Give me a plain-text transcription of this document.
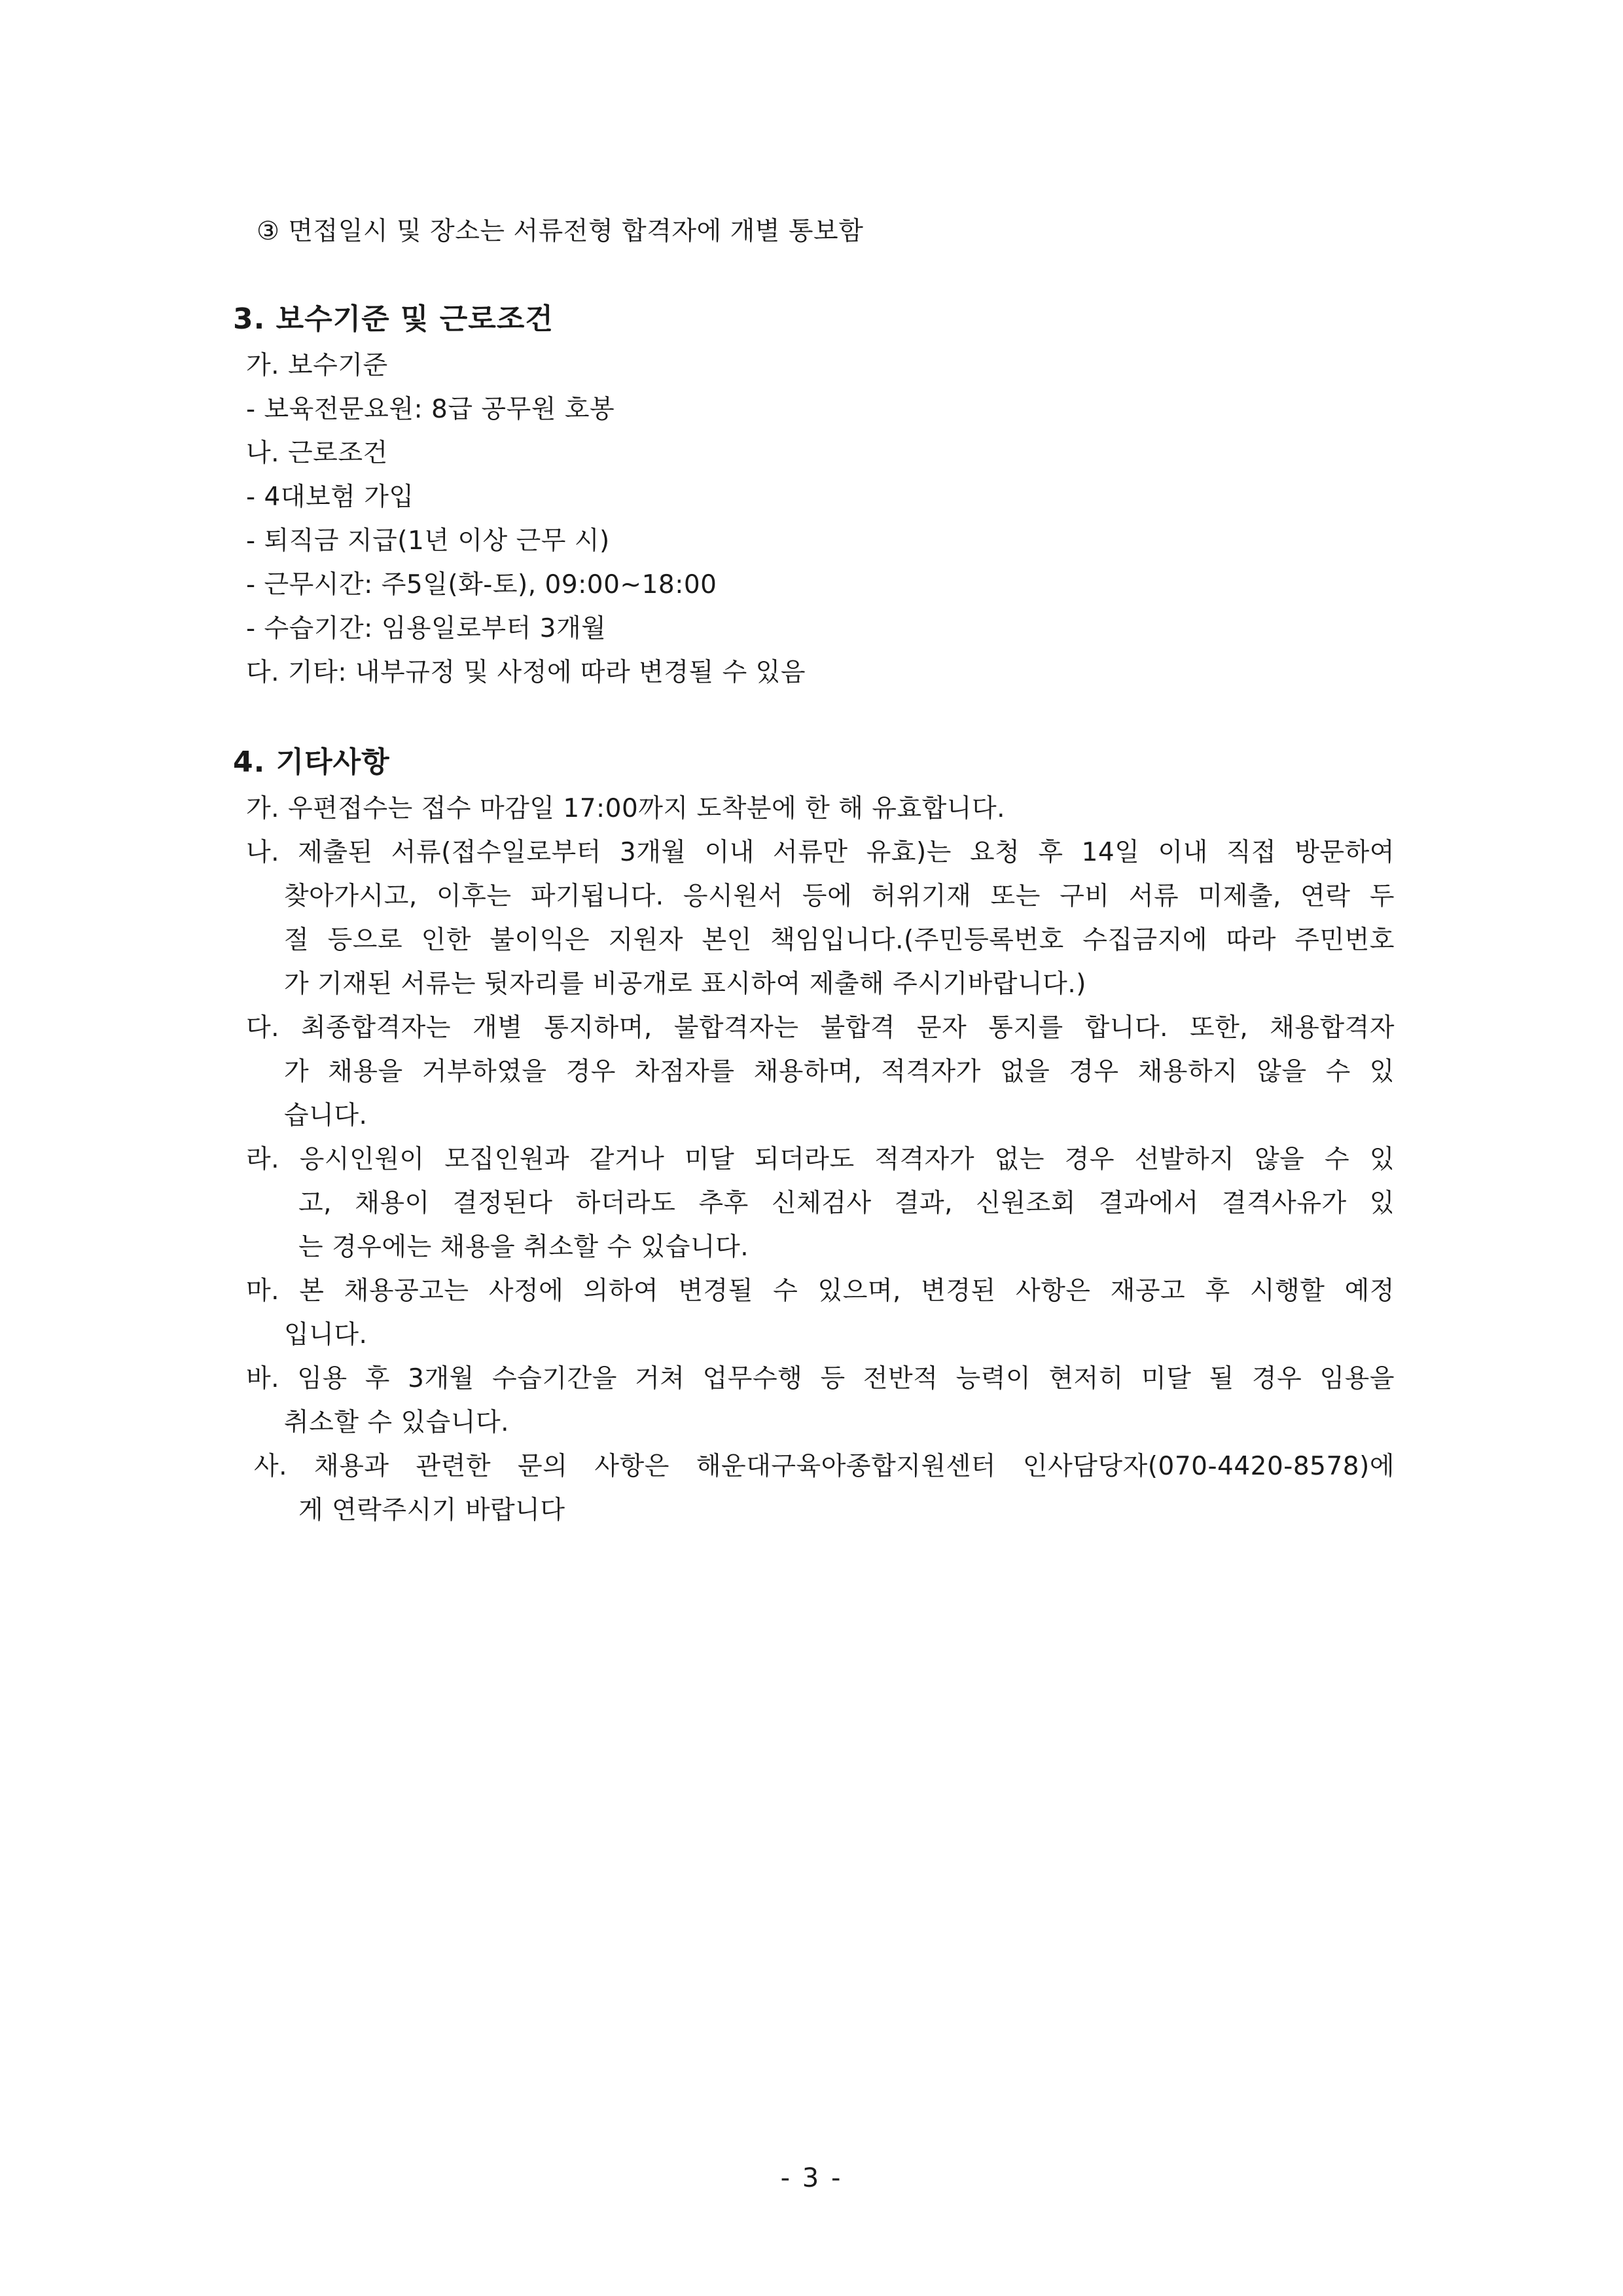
③ 면접일시 및 장소는 서류전형 합격자에 개별 통보함
3. 보수기준 및 근로조건
가. 보수기준
- 보육전문요원: 8급 공무원 호봉
나. 근로조건
- 4대보험 가입
- 퇴직금 지급(1년 이상 근무 시)
- 근무시간: 주5일(화-토), 09:00~18:00
- 수습기간: 임용일로부터 3개월
다. 기타: 내부규정 및 사정에 따라 변경될 수 있음
4. 기타사항
가. 우편접수는 접수 마감일 17:00까지 도착분에 한 해 유효합니다.
나. 제출된 서류(접수일로부터 3개월 이내 서류만 유효)는 요청 후 14일 이내 직접 방문하여
찾아가시고, 이후는 파기됩니다. 응시원서 등에 허위기재 또는 구비 서류 미제출, 연락 두
절 등으로 인한 불이익은 지원자 본인 책임입니다.(주민등록번호 수집금지에 따라 주민번호
가 기재된 서류는 뒷자리를 비공개로 표시하여 제출해 주시기바랍니다.)
다. 최종합격자는 개별 통지하며, 불합격자는 불합격 문자 통지를 합니다. 또한, 채용합격자
가 채용을 거부하였을 경우 차점자를 채용하며, 적격자가 없을 경우 채용하지 않을 수 있
습니다.
라. 응시인원이 모집인원과 같거나 미달 되더라도 적격자가 없는 경우 선발하지 않을 수 있
고, 채용이 결정된다 하더라도 추후 신체검사 결과, 신원조회 결과에서 결격사유가 있
는 경우에는 채용을 취소할 수 있습니다.
마. 본 채용공고는 사정에 의하여 변경될 수 있으며, 변경된 사항은 재공고 후 시행할 예정
입니다.
바. 임용 후 3개월 수습기간을 거쳐 업무수행 등 전반적 능력이 현저히 미달 될 경우 임용을
취소할 수 있습니다.
사. 채용과 관련한 문의 사항은 해운대구육아종합지원센터 인사담당자(070-4420-8578)에
게 연락주시기 바랍니다
- 3 -
